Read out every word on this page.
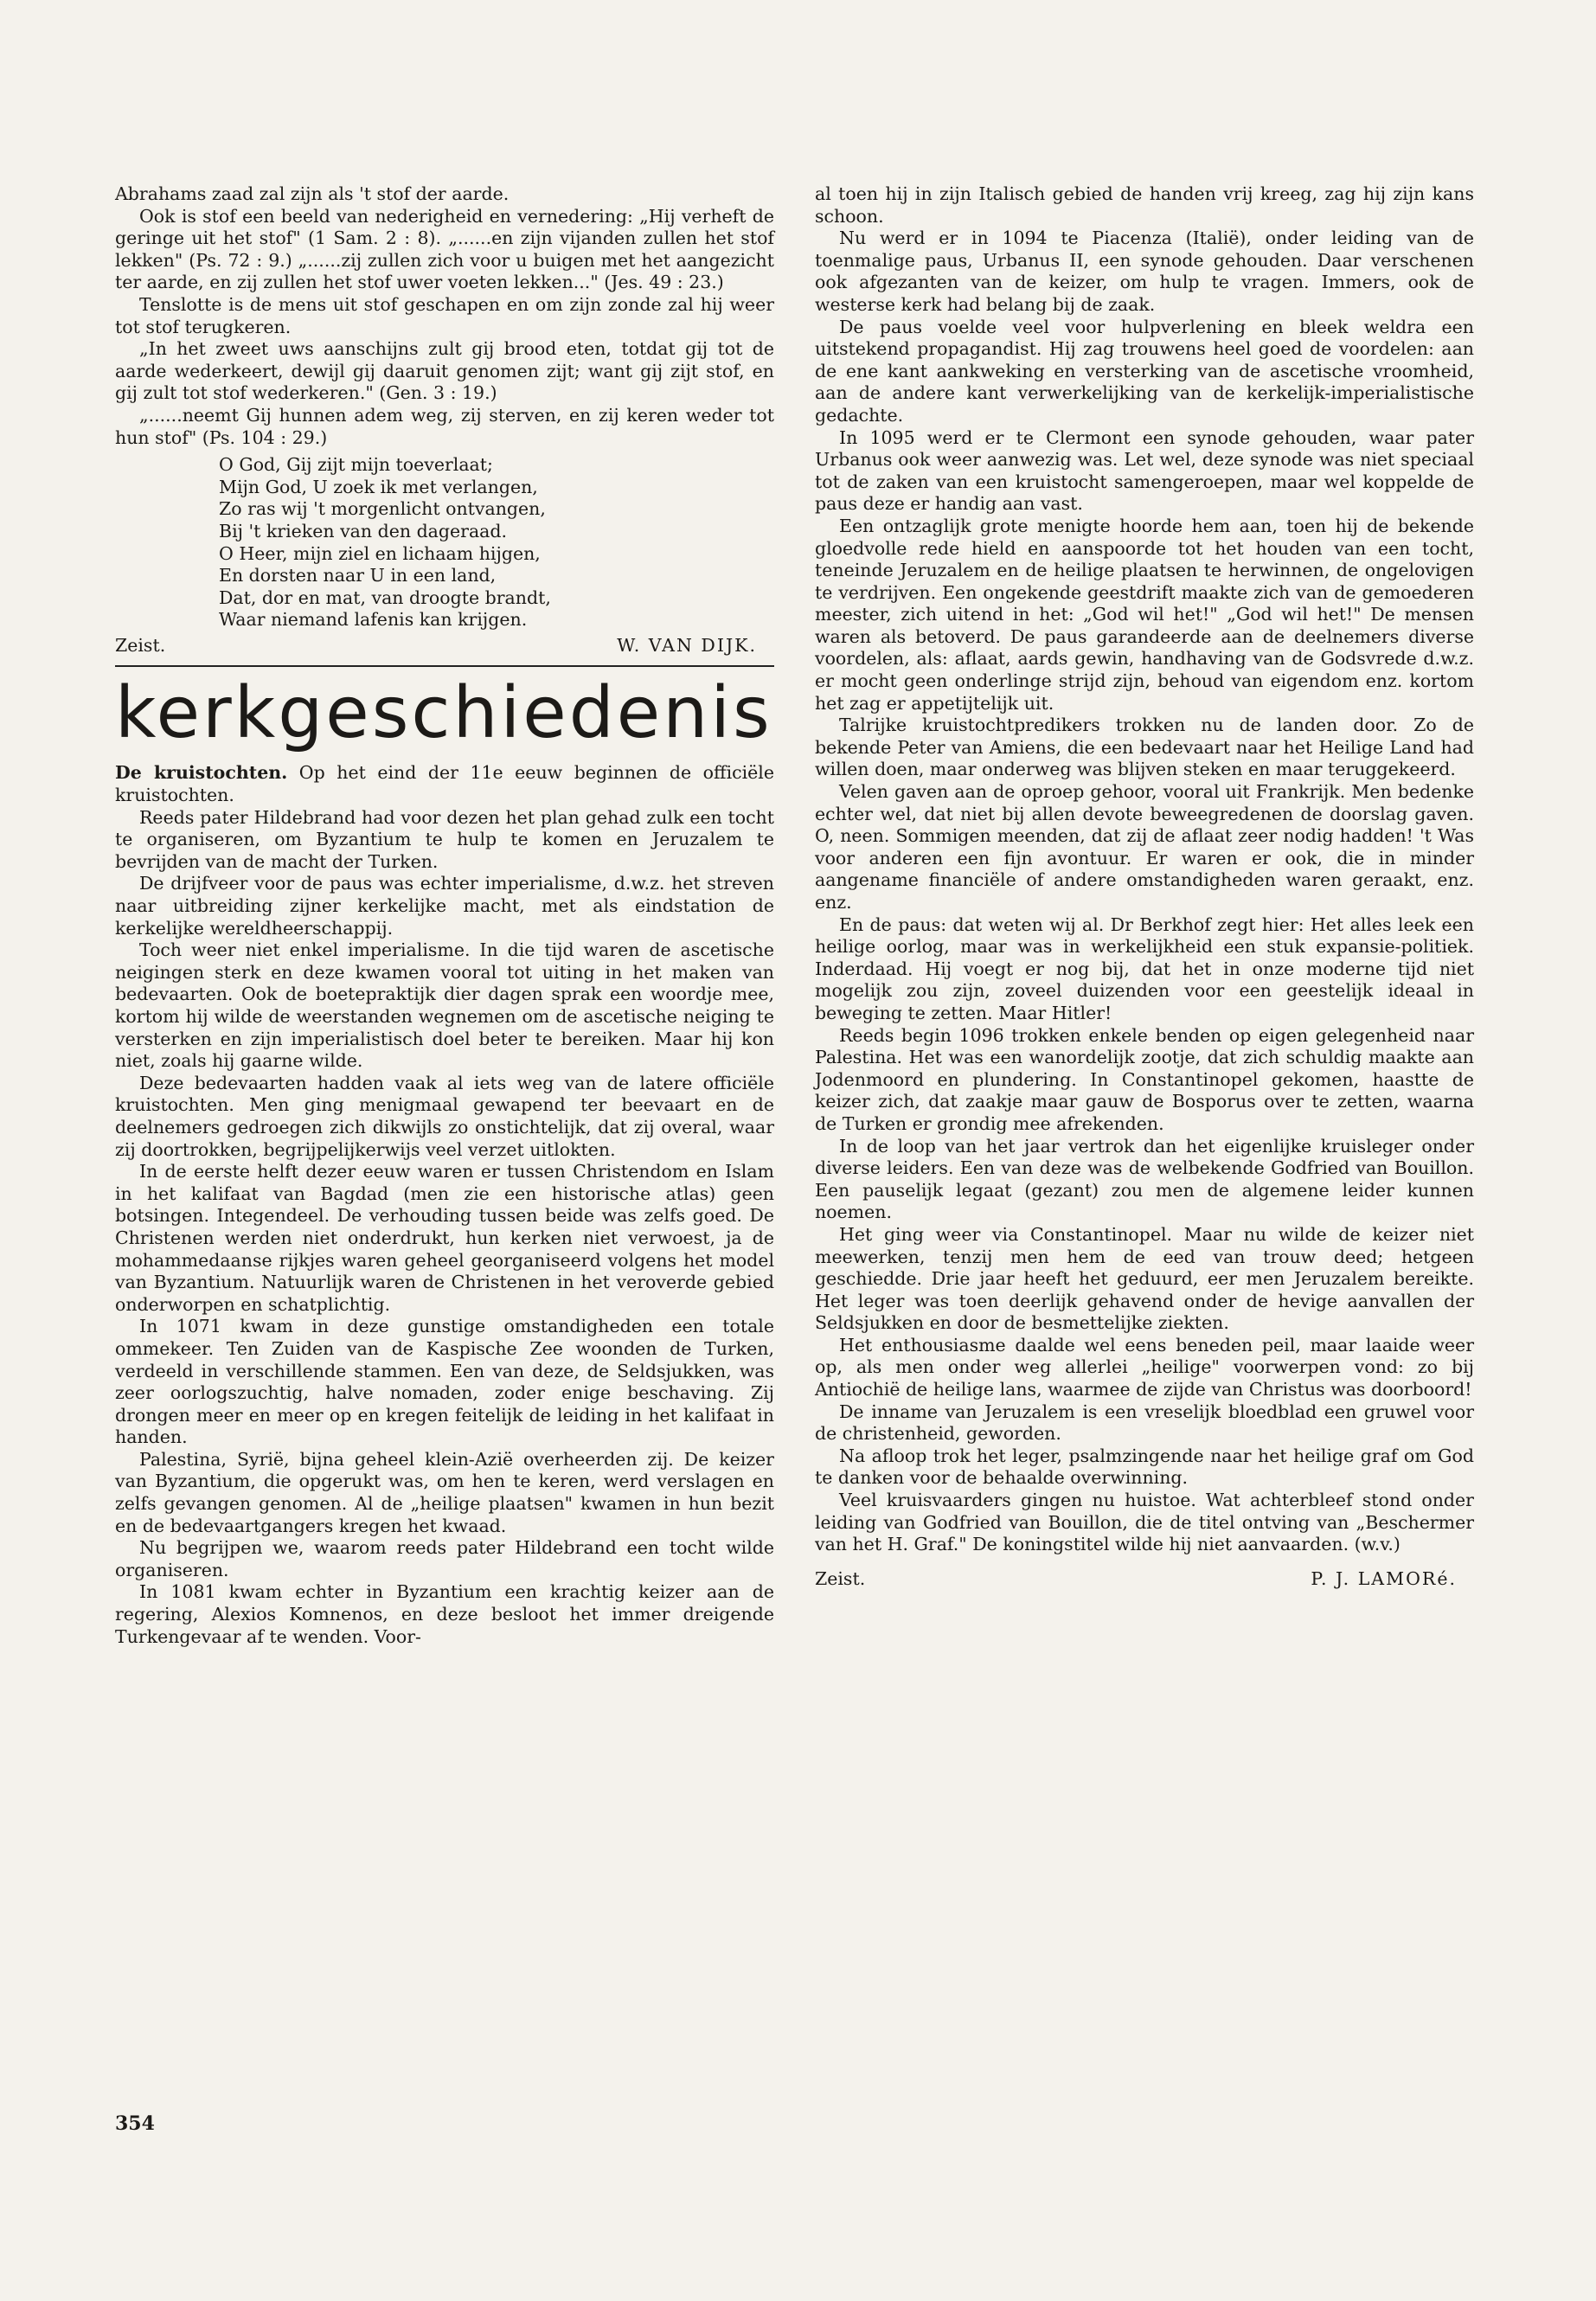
Abrahams zaad zal zijn als 't stof der aarde.

Ook is stof een beeld van nederigheid en vernedering: „Hij verheft de geringe uit het stof" (1 Sam. 2 : 8). „......en zijn vijanden zullen het stof lekken" (Ps. 72 : 9.) „......zij zullen zich voor u buigen met het aangezicht ter aarde, en zij zullen het stof uwer voeten lekken..." (Jes. 49 : 23.)

Tenslotte is de mens uit stof geschapen en om zijn zonde zal hij weer tot stof terugkeren.

„In het zweet uws aanschijns zult gij brood eten, totdat gij tot de aarde wederkeert, dewijl gij daaruit genomen zijt; want gij zijt stof, en gij zult tot stof wederkeren." (Gen. 3 : 19.)

„......neemt Gij hunnen adem weg, zij sterven, en zij keren weder tot hun stof" (Ps. 104 : 29.)

O God, Gij zijt mijn toeverlaat;
Mijn God, U zoek ik met verlangen,
Zo ras wij 't morgenlicht ontvangen,
Bij 't krieken van den dageraad.
O Heer, mijn ziel en lichaam hijgen,
En dorsten naar U in een land,
Dat, dor en mat, van droogte brandt,
Waar niemand lafenis kan krijgen.
Zeist.	W. VAN DIJK.
kerkgeschiedenis

De kruistochten. Op het eind der 11e eeuw beginnen de officiële kruistochten.

Reeds pater Hildebrand had voor dezen het plan gehad zulk een tocht te organiseren, om Byzantium te hulp te komen en Jeruzalem te bevrijden van de macht der Turken.

De drijfveer voor de paus was echter imperialisme, d.w.z. het streven naar uitbreiding zijner kerkelijke macht, met als eindstation de kerkelijke wereldheerschappij.

Toch weer niet enkel imperialisme. In die tijd waren de ascetische neigingen sterk en deze kwamen vooral tot uiting in het maken van bedevaarten. Ook de boetepraktijk dier dagen sprak een woordje mee, kortom hij wilde de weerstanden wegnemen om de ascetische neiging te versterken en zijn imperialistisch doel beter te bereiken. Maar hij kon niet, zoals hij gaarne wilde.

Deze bedevaarten hadden vaak al iets weg van de latere officiële kruistochten. Men ging menigmaal gewapend ter beevaart en de deelnemers gedroegen zich dikwijls zo onstichtelijk, dat zij overal, waar zij doortrokken, begrijpelijkerwijs veel verzet uitlokten.

In de eerste helft dezer eeuw waren er tussen Christendom en Islam in het kalifaat van Bagdad (men zie een historische atlas) geen botsingen. Integendeel. De verhouding tussen beide was zelfs goed. De Christenen werden niet onderdrukt, hun kerken niet verwoest, ja de mohammedaanse rijkjes waren geheel georganiseerd volgens het model van Byzantium. Natuurlijk waren de Christenen in het veroverde gebied onderworpen en schatplichtig.

In 1071 kwam in deze gunstige omstandigheden een totale ommekeer. Ten Zuiden van de Kaspische Zee woonden de Turken, verdeeld in verschillende stammen. Een van deze, de Seldsjukken, was zeer oorlogszuchtig, halve nomaden, zoder enige beschaving. Zij drongen meer en meer op en kregen feitelijk de leiding in het kalifaat in handen.

Palestina, Syrië, bijna geheel klein-Azië overheerden zij. De keizer van Byzantium, die opgerukt was, om hen te keren, werd verslagen en zelfs gevangen genomen. Al de „heilige plaatsen" kwamen in hun bezit en de bedevaartgangers kregen het kwaad.

Nu begrijpen we, waarom reeds pater Hildebrand een tocht wilde organiseren.

In 1081 kwam echter in Byzantium een krachtig keizer aan de regering, Alexios Komnenos, en deze besloot het immer dreigende Turkengevaar af te wenden. Voor-

al toen hij in zijn Italisch gebied de handen vrij kreeg, zag hij zijn kans schoon.

Nu werd er in 1094 te Piacenza (Italië), onder leiding van de toenmalige paus, Urbanus II, een synode gehouden. Daar verschenen ook afgezanten van de keizer, om hulp te vragen. Immers, ook de westerse kerk had belang bij de zaak.

De paus voelde veel voor hulpverlening en bleek weldra een uitstekend propagandist. Hij zag trouwens heel goed de voordelen: aan de ene kant aankweking en versterking van de ascetische vroomheid, aan de andere kant verwerkelijking van de kerkelijk-imperialistische gedachte.

In 1095 werd er te Clermont een synode gehouden, waar pater Urbanus ook weer aanwezig was. Let wel, deze synode was niet speciaal tot de zaken van een kruistocht samengeroepen, maar wel koppelde de paus deze er handig aan vast.

Een ontzaglijk grote menigte hoorde hem aan, toen hij de bekende gloedvolle rede hield en aanspoorde tot het houden van een tocht, teneinde Jeruzalem en de heilige plaatsen te herwinnen, de ongelovigen te verdrijven. Een ongekende geestdrift maakte zich van de gemoederen meester, zich uitend in het: „God wil het!" „God wil het!" De mensen waren als betoverd. De paus garandeerde aan de deelnemers diverse voordelen, als: aflaat, aards gewin, handhaving van de Godsvrede d.w.z. er mocht geen onderlinge strijd zijn, behoud van eigendom enz. kortom het zag er appetijtelijk uit.

Talrijke kruistochtpredikers trokken nu de landen door. Zo de bekende Peter van Amiens, die een bedevaart naar het Heilige Land had willen doen, maar onderweg was blijven steken en maar teruggekeerd.

Velen gaven aan de oproep gehoor, vooral uit Frankrijk. Men bedenke echter wel, dat niet bij allen devote beweegredenen de doorslag gaven. O, neen. Sommigen meenden, dat zij de aflaat zeer nodig hadden! 't Was voor anderen een fijn avontuur. Er waren er ook, die in minder aangename financiële of andere omstandigheden waren geraakt, enz. enz.

En de paus: dat weten wij al. Dr Berkhof zegt hier: Het alles leek een heilige oorlog, maar was in werkelijkheid een stuk expansie-politiek. Inderdaad. Hij voegt er nog bij, dat het in onze moderne tijd niet mogelijk zou zijn, zoveel duizenden voor een geestelijk ideaal in beweging te zetten. Maar Hitler!

Reeds begin 1096 trokken enkele benden op eigen gelegenheid naar Palestina. Het was een wanordelijk zootje, dat zich schuldig maakte aan Jodenmoord en plundering. In Constantinopel gekomen, haastte de keizer zich, dat zaakje maar gauw de Bosporus over te zetten, waarna de Turken er grondig mee afrekenden.

In de loop van het jaar vertrok dan het eigenlijke kruisleger onder diverse leiders. Een van deze was de welbekende Godfried van Bouillon. Een pauselijk legaat (gezant) zou men de algemene leider kunnen noemen.

Het ging weer via Constantinopel. Maar nu wilde de keizer niet meewerken, tenzij men hem de eed van trouw deed; hetgeen geschiedde. Drie jaar heeft het geduurd, eer men Jeruzalem bereikte. Het leger was toen deerlijk gehavend onder de hevige aanvallen der Seldsjukken en door de besmettelijke ziekten.

Het enthousiasme daalde wel eens beneden peil, maar laaide weer op, als men onder weg allerlei „heilige" voorwerpen vond: zo bij Antiochië de heilige lans, waarmee de zijde van Christus was doorboord!

De inname van Jeruzalem is een vreselijk bloedblad een gruwel voor de christenheid, geworden.

Na afloop trok het leger, psalmzingende naar het heilige graf om God te danken voor de behaalde overwinning.

Veel kruisvaarders gingen nu huistoe. Wat achterbleef stond onder leiding van Godfried van Bouillon, die de titel ontving van „Beschermer van het H. Graf." De koningstitel wilde hij niet aanvaarden. (w.v.)

Zeist.	P. J. LAMORé.
354
